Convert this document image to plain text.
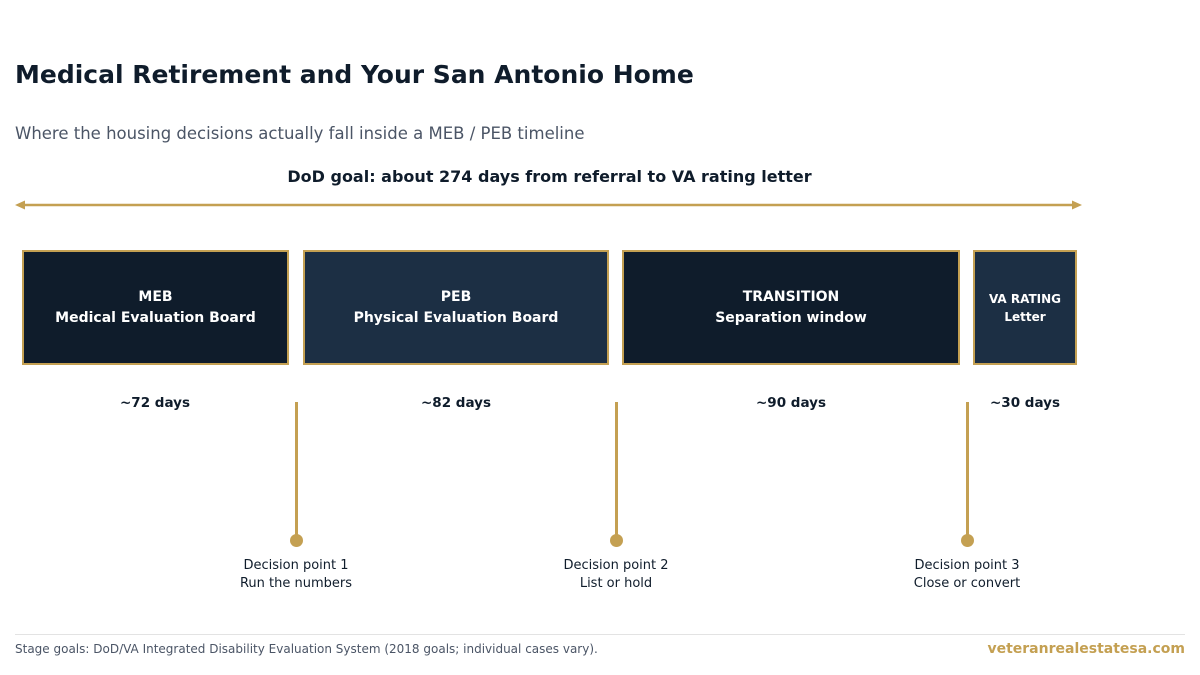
Medical Retirement and Your San Antonio Home
Where the housing decisions actually fall inside a MEB / PEB timeline
DoD goal: about 274 days from referral to VA rating letter
MEB
Medical Evaluation Board
PEB
Physical Evaluation Board
TRANSITION
Separation window
VA RATING
Letter
~72 days	~82 days	~90 days	~30 days
Decision point 1
Run the numbers
Decision point 2
List or hold
Decision point 3
Close or convert
Stage goals: DoD/VA Integrated Disability Evaluation System (2018 goals; individual cases vary).	veteranrealestatesa.com
